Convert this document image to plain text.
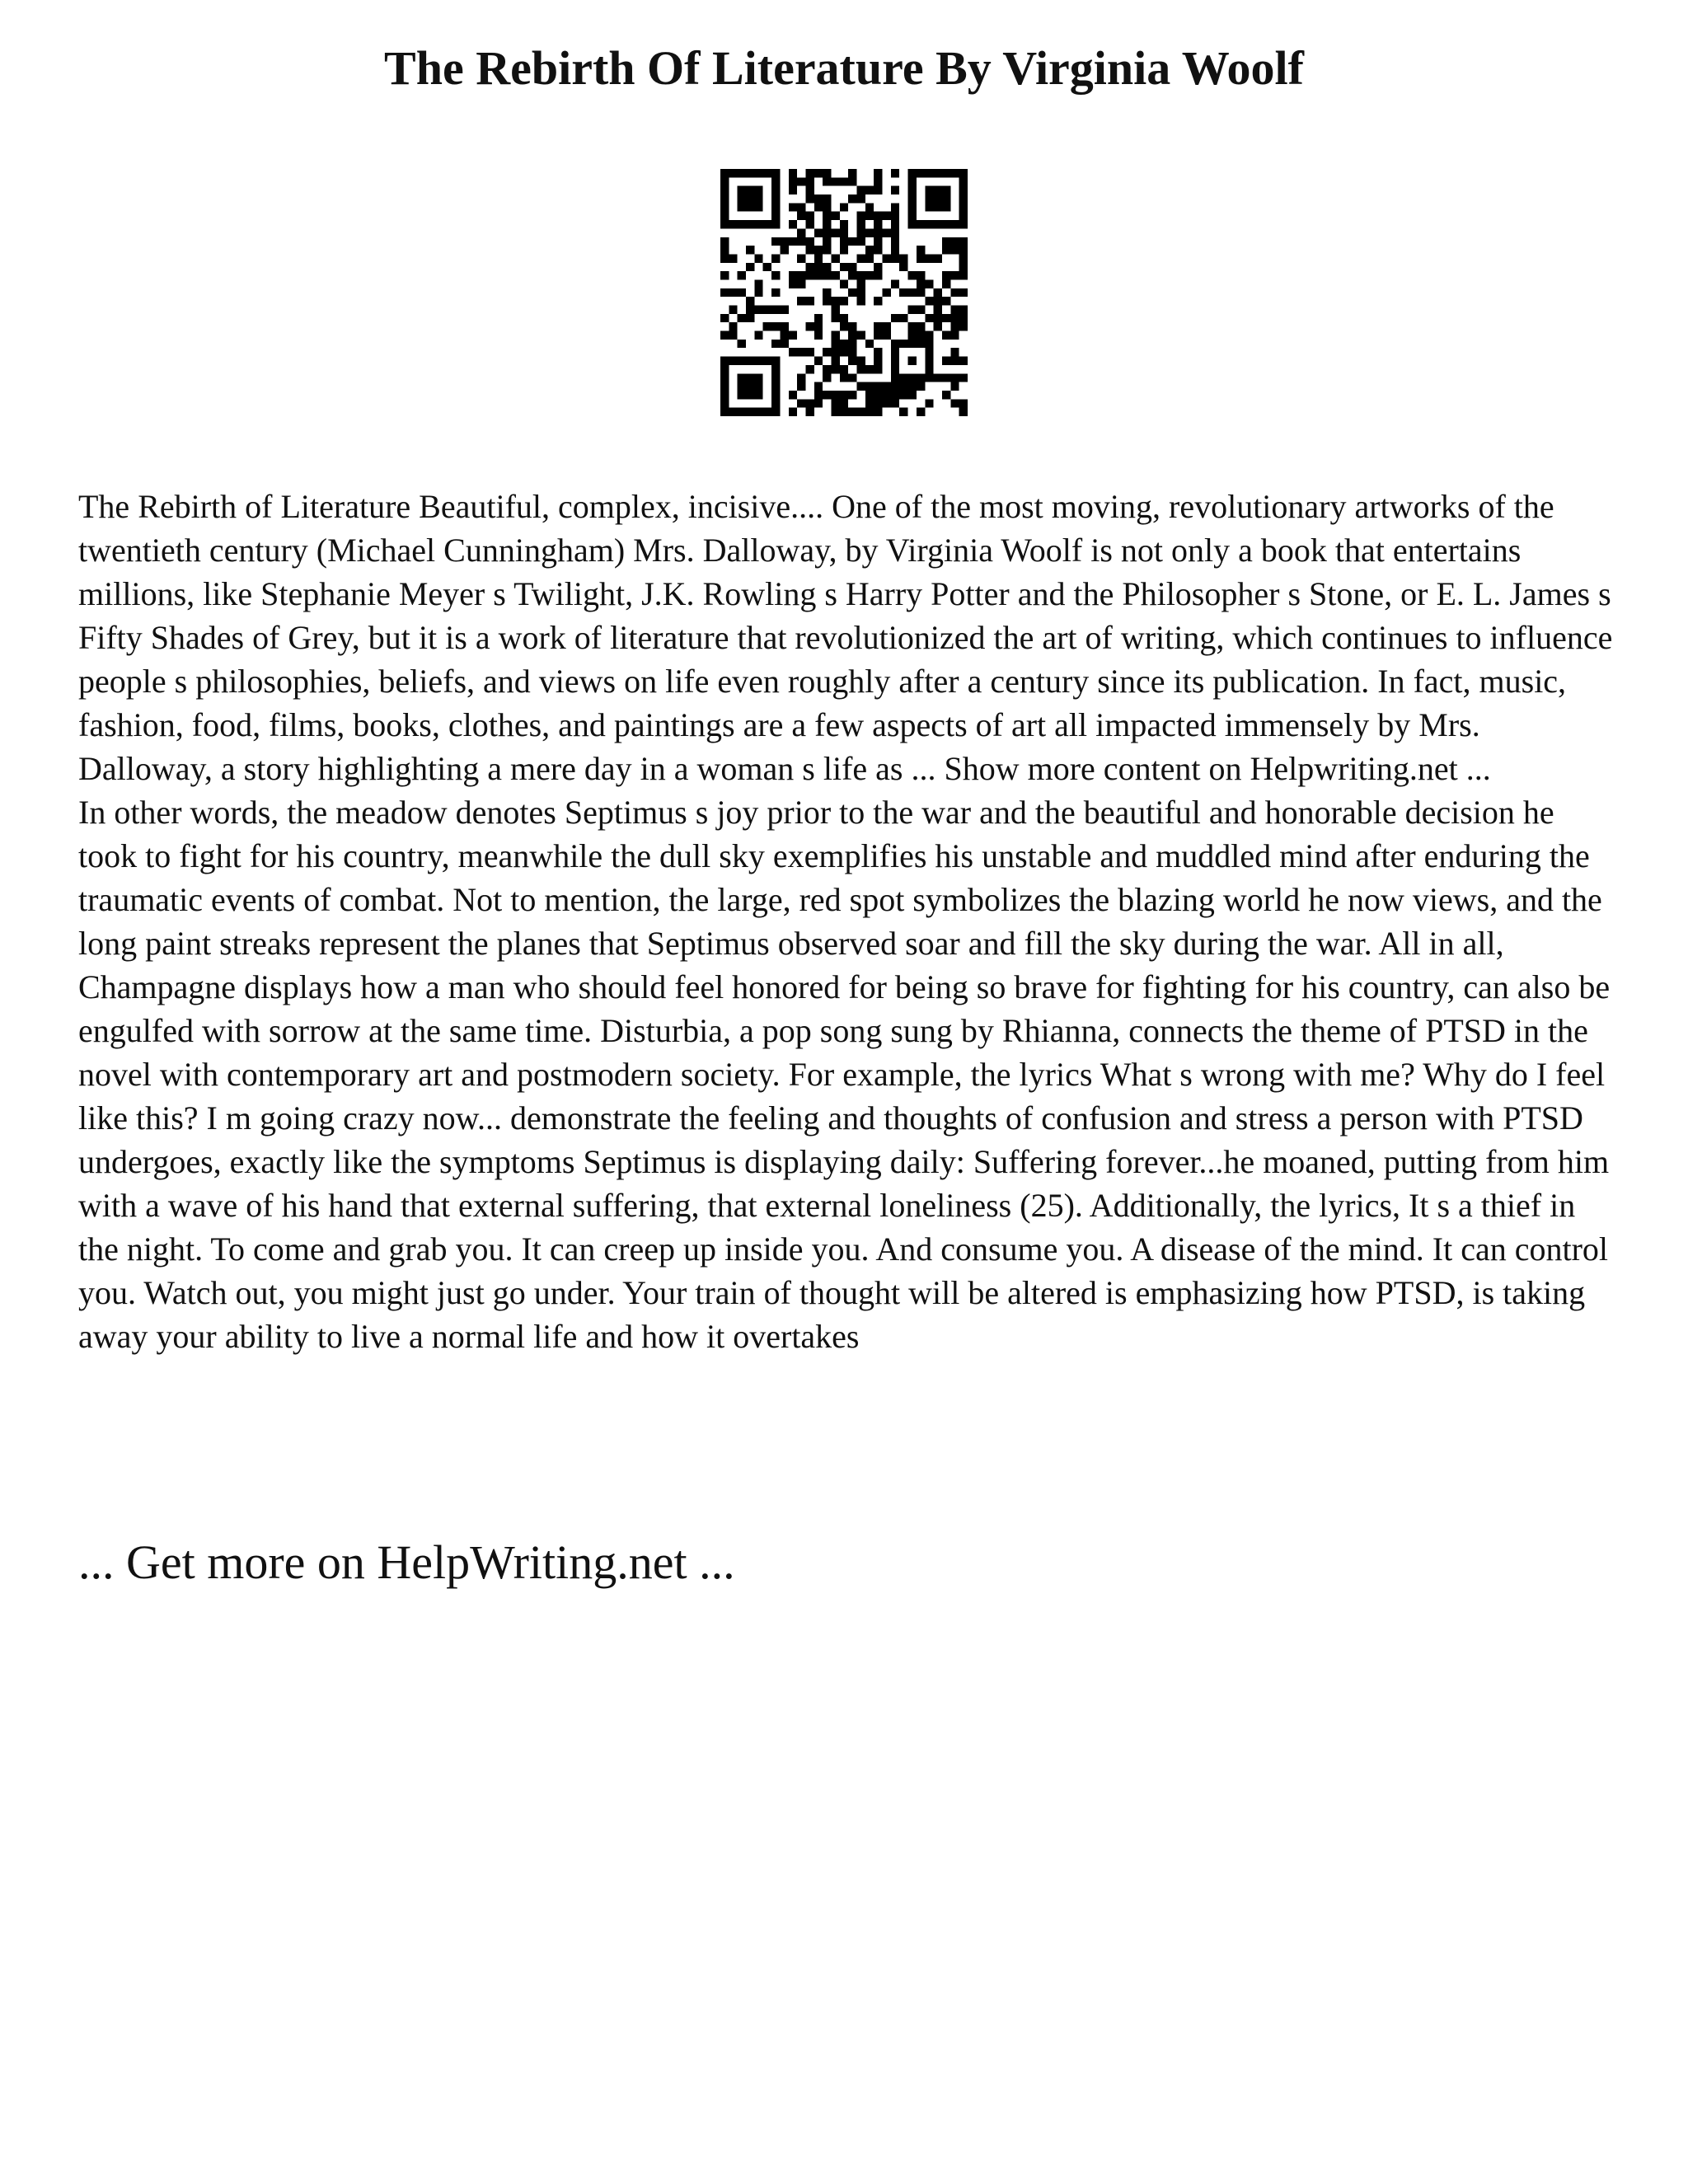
The Rebirth Of Literature By Virginia Woolf

The Rebirth of Literature Beautiful, complex, incisive.... One of the most moving, revolutionary artworks of the twentieth century (Michael Cunningham) Mrs. Dalloway, by Virginia Woolf is not only a book that entertains millions, like Stephanie Meyer s Twilight, J.K. Rowling s Harry Potter and the Philosopher s Stone, or E. L. James s Fifty Shades of Grey, but it is a work of literature that revolutionized the art of writing, which continues to influence people s philosophies, beliefs, and views on life even roughly after a century since its publication. In fact, music, fashion, food, films, books, clothes, and paintings are a few aspects of art all impacted immensely by Mrs. Dalloway, a story highlighting a mere day in a woman s life as ... Show more content on Helpwriting.net ...

In other words, the meadow denotes Septimus s joy prior to the war and the beautiful and honorable decision he took to fight for his country, meanwhile the dull sky exemplifies his unstable and muddled mind after enduring the traumatic events of combat. Not to mention, the large, red spot symbolizes the blazing world he now views, and the long paint streaks represent the planes that Septimus observed soar and fill the sky during the war. All in all, Champagne displays how a man who should feel honored for being so brave for fighting for his country, can also be engulfed with sorrow at the same time. Disturbia, a pop song sung by Rhianna, connects the theme of PTSD in the novel with contemporary art and postmodern society. For example, the lyrics What s wrong with me? Why do I feel like this? I m going crazy now... demonstrate the feeling and thoughts of confusion and stress a person with PTSD undergoes, exactly like the symptoms Septimus is displaying daily: Suffering forever...he moaned, putting from him with a wave of his hand that external suffering, that external loneliness (25). Additionally, the lyrics, It s a thief in the night. To come and grab you. It can creep up inside you. And consume you. A disease of the mind. It can control you. Watch out, you might just go under. Your train of thought will be altered is emphasizing how PTSD, is taking away your ability to live a normal life and how it overtakes

... Get more on HelpWriting.net ...
